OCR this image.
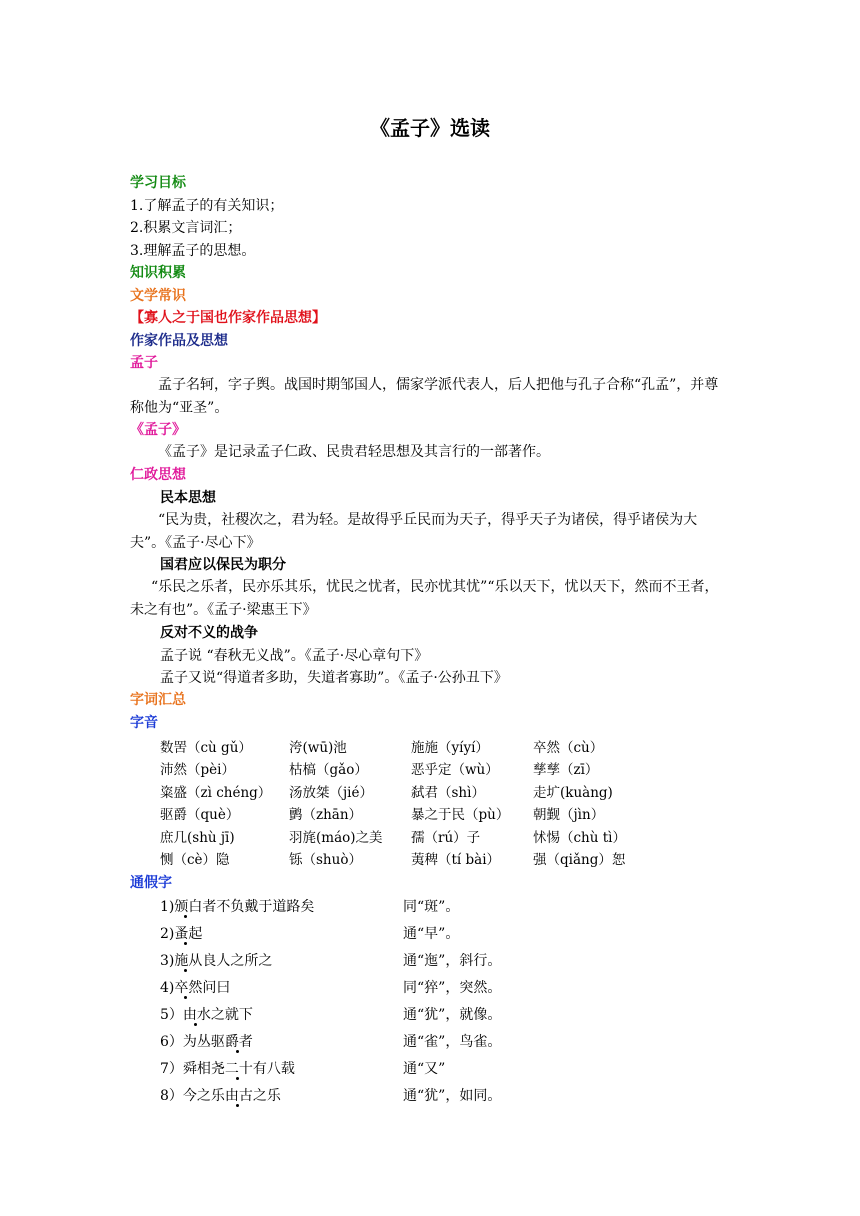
《孟子》选读
学习目标
1.了解孟子的有关知识；
2.积累文言词汇；
3.理解孟子的思想。
知识积累
文学常识
【寡人之于国也作家作品思想】
作家作品及思想
孟子
孟子名轲，字子舆。战国时期邹国人，儒家学派代表人，后人把他与孔子合称“孔孟”，并尊称他为“亚圣”。
《孟子》
《孟子》是记录孟子仁政、民贵君轻思想及其言行的一部著作。
仁政思想
民本思想
“民为贵，社稷次之，君为轻。是故得乎丘民而为天子，得乎天子为诸侯，得乎诸侯为大夫”。《孟子·尽心下》
国君应以保民为职分
“乐民之乐者，民亦乐其乐，忧民之忧者，民亦忧其忧”“乐以天下，忧以天下，然而不王者，未之有也”。《孟子·梁惠王下》
反对不义的战争
孟子说 “春秋无义战”。《孟子·尽心章句下》
孟子又说“得道者多助，失道者寡助”。《孟子·公孙丑下》
字词汇总
字音
数罟（cù gǔ）	洿(wū)池	施施（yíyí）	卒然（cù）
沛然（pèi）	枯槁（gǎo）	恶乎定（wù）	孳孳（zī）
粢盛（zì chéng） 汤放桀（jié）	弑君（shì）	走圹(kuàng)
驱爵（què）	鹯（zhān）	暴之于民（pù） 朝觐（jìn）
庶几(shù jī)	羽旄(máo)之美 孺（rú）子	怵惕（chù tì）
恻（cè）隐	铄（shuò）	荑稗（tí bài） 强（qiǎng）恕
通假字
1)颁白者不负戴于道路矣	同“斑”。
2)蚤起	通“早”。
3)施从良人之所之	通“迤”，斜行。
4)卒然问曰	同“猝”，突然。
5）由水之就下	通“犹”，就像。
6）为丛驱爵者	通“雀”，鸟雀。
7）舜相尧二十有八载	通“又”
8）今之乐由古之乐	通“犹”，如同。
